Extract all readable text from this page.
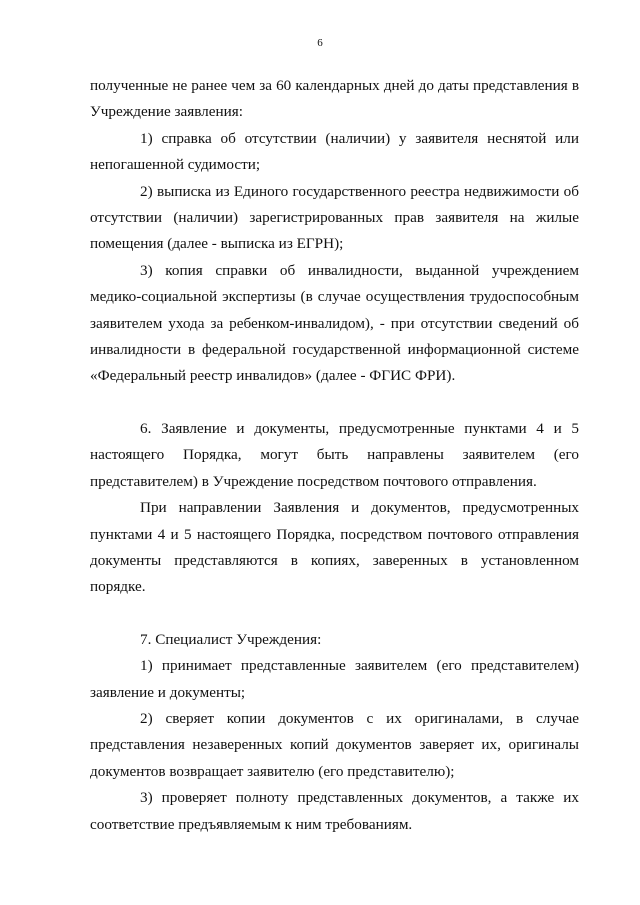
6

полученные не ранее чем за 60 календарных дней до даты представления в Учреждение заявления:

1) справка об отсутствии (наличии) у заявителя неснятой или непогашенной судимости;

2) выписка из Единого государственного реестра недвижимости об отсутствии (наличии) зарегистрированных прав заявителя на жилые помещения (далее - выписка из ЕГРН);

3) копия справки об инвалидности, выданной учреждением медико-социальной экспертизы (в случае осуществления трудоспособным заявителем ухода за ребенком-инвалидом), - при отсутствии сведений об инвалидности в федеральной государственной информационной системе «Федеральный реестр инвалидов» (далее - ФГИС ФРИ).

6. Заявление и документы, предусмотренные пунктами 4 и 5 настоящего Порядка, могут быть направлены заявителем (его представителем) в Учреждение посредством почтового отправления.

При направлении Заявления и документов, предусмотренных пунктами 4 и 5 настоящего Порядка, посредством почтового отправления документы представляются в копиях, заверенных в установленном порядке.

7. Специалист Учреждения:

1) принимает представленные заявителем (его представителем) заявление и документы;

2) сверяет копии документов с их оригиналами, в случае представления незаверенных копий документов заверяет их, оригиналы документов возвращает заявителю (его представителю);

3) проверяет полноту представленных документов, а также их соответствие предъявляемым к ним требованиям.
